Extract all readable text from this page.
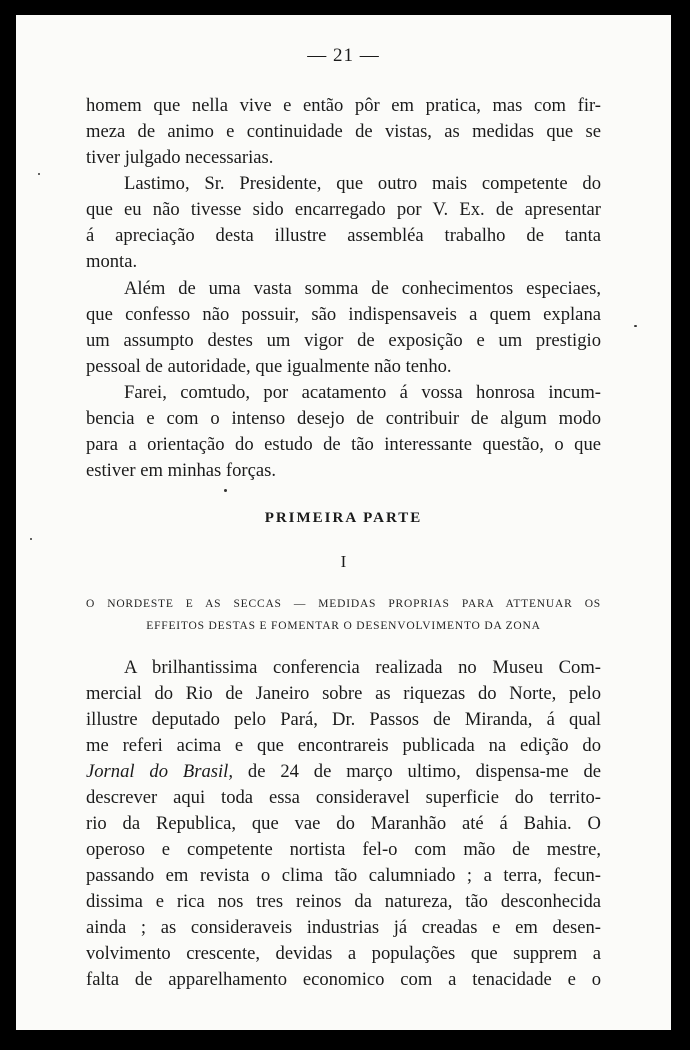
— 21 —
homem que nella vive e então pôr em pratica, mas com fir-
meza de animo e continuidade de vistas, as medidas que se
tiver julgado necessarias.
Lastimo, Sr. Presidente, que outro mais competente do
que eu não tivesse sido encarregado por V. Ex. de apresentar
á apreciação desta illustre assembléa trabalho de tanta
monta.
Além de uma vasta somma de conhecimentos especiaes,
que confesso não possuir, são indispensaveis a quem explana
um assumpto destes um vigor de exposição e um prestigio
pessoal de autoridade, que igualmente não tenho.
Farei, comtudo, por acatamento á vossa honrosa incum-
bencia e com o intenso desejo de contribuir de algum modo
para a orientação do estudo de tão interessante questão, o que
estiver em minhas forças.
PRIMEIRA PARTE
I
O NORDESTE E AS SECCAS — MEDIDAS PROPRIAS PARA ATTENUAR OS
EFFEITOS DESTAS E FOMENTAR O DESENVOLVIMENTO DA ZONA
A brilhantissima conferencia realizada no Museu Com-
mercial do Rio de Janeiro sobre as riquezas do Norte, pelo
illustre deputado pelo Pará, Dr. Passos de Miranda, á qual
me referi acima e que encontrareis publicada na edição do
Jornal do Brasil, de 24 de março ultimo, dispensa-me de
descrever aqui toda essa consideravel superficie do territo-
rio da Republica, que vae do Maranhão até á Bahia. O
operoso e competente nortista fel-o com mão de mestre,
passando em revista o clima tão calumniado ; a terra, fecun-
dissima e rica nos tres reinos da natureza, tão desconhecida
ainda ; as consideraveis industrias já creadas e em desen-
volvimento crescente, devidas a populações que supprem a
falta de apparelhamento economico com a tenacidade e o
